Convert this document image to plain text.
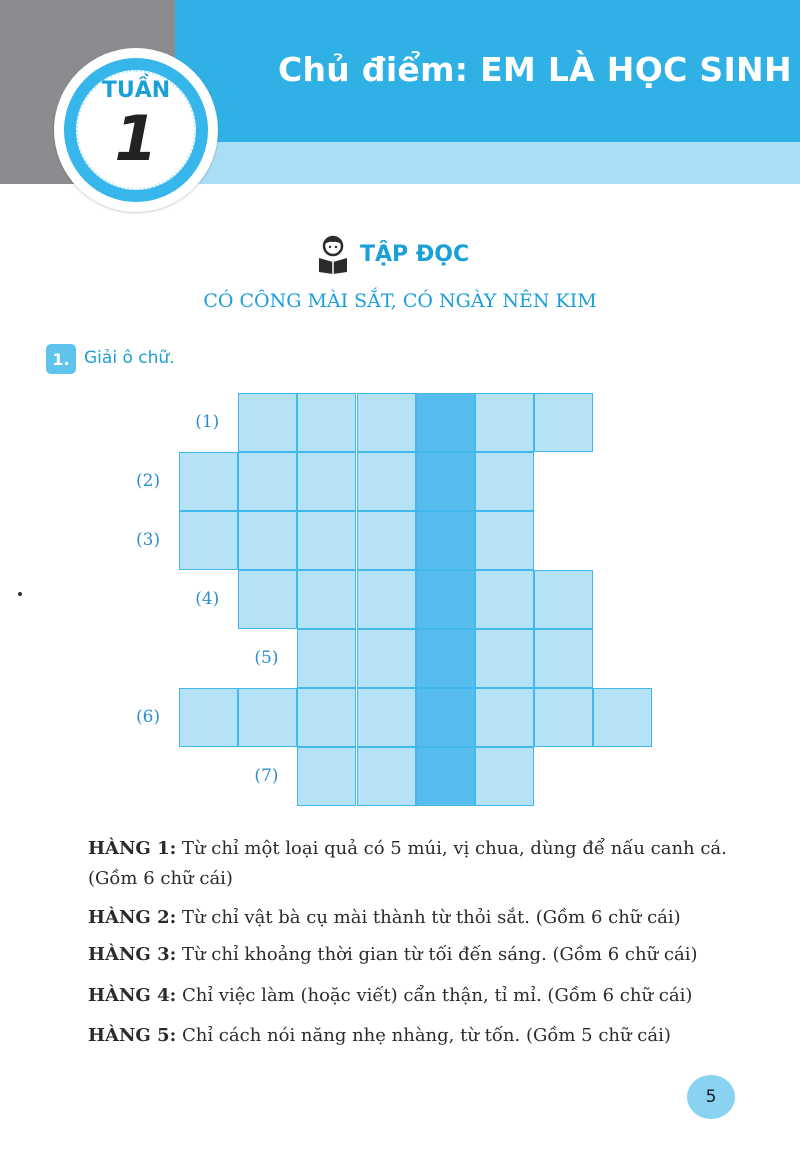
Chủ điểm: EM LÀ HỌC SINH
TUẦN
1
TẬP ĐỌC
CÓ CÔNG MÀI SẮT, CÓ NGÀY NÊN KIM
1. Giải ô chữ.
(1)
(2)
(3)
(4)
(5)
(6)
(7)
HÀNG 1: Từ chỉ một loại quả có 5 múi, vị chua, dùng để nấu canh cá. (Gồm 6 chữ cái)
HÀNG 2: Từ chỉ vật bà cụ mài thành từ thỏi sắt. (Gồm 6 chữ cái)
HÀNG 3: Từ chỉ khoảng thời gian từ tối đến sáng. (Gồm 6 chữ cái)
HÀNG 4: Chỉ việc làm (hoặc viết) cẩn thận, tỉ mỉ. (Gồm 6 chữ cái)
HÀNG 5: Chỉ cách nói năng nhẹ nhàng, từ tốn. (Gồm 5 chữ cái)
5
